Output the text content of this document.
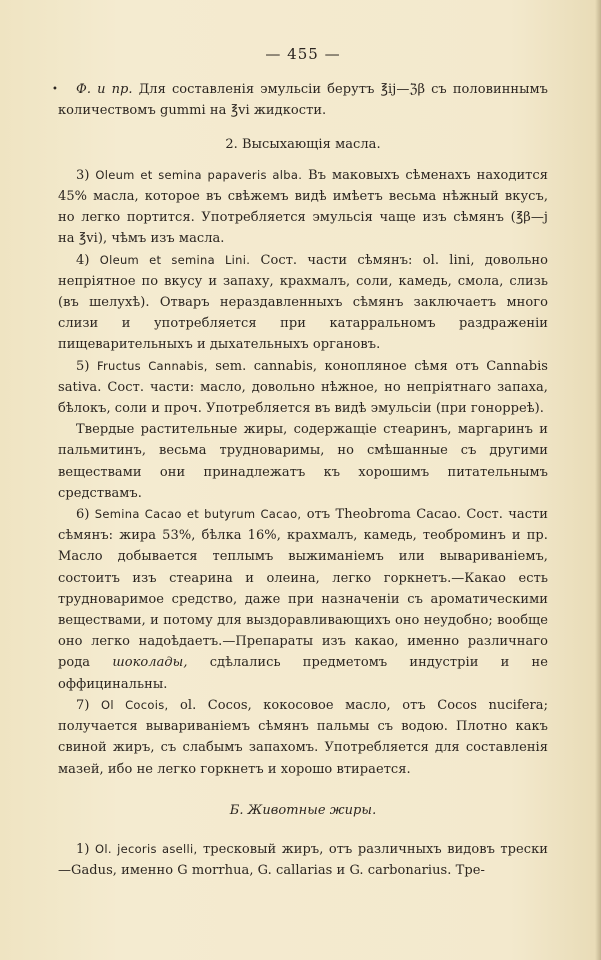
— 455 —

• Ф. и пр. Для составленія эмульсіи берутъ ℥ij—ℨβ съ половиннымъ количествомъ gummi на ℥vi жидкости.

2. Высыхающія масла.

3) Oleum et semina papaveris alba. Въ маковыхъ сѣменахъ находится 45% масла, которое въ свѣжемъ видѣ имѣетъ весьма нѣжный вкусъ, но легко портится. Употребляется эмульсія чаще изъ сѣмянъ (℥β—j на ℥vi), чѣмъ изъ масла.

4) Oleum et semina Lini. Сост. части сѣмянъ: ol. lini, довольно непріятное по вкусу и запаху, крахмалъ, соли, камедь, смола, слизь (въ шелухѣ). Отваръ нераздавленныхъ сѣмянъ заключаетъ много слизи и употребляется при катарральномъ раздраженіи пищеварительныхъ и дыхательныхъ органовъ.

5) Fructus Cannabis, sem. cannabis, конопляное сѣмя отъ Cannabis sativa. Сост. части: масло, довольно нѣжное, но непріятнаго запаха, бѣлокъ, соли и проч. Употребляется въ видѣ эмульсіи (при гонорреѣ).

Твердые растительные жиры, содержащіе стеаринъ, маргаринъ и пальмитинъ, весьма трудноваримы, но смѣшанные съ другими веществами они принадлежатъ къ хорошимъ питательнымъ средствамъ.

6) Semina Cacao et butyrum Cacao, отъ Theobroma Cacao. Сост. части сѣмянъ: жира 53%, бѣлка 16%, крахмалъ, камедь, теоброминъ и пр. Масло добывается теплымъ выжиманіемъ или вывариваніемъ, состоитъ изъ стеарина и олеина, легко горкнетъ.—Какао есть трудноваримое средство, даже при назначеніи съ ароматическими веществами, и потому для выздоравливающихъ оно неудобно; вообще оно легко надоѣдаетъ.—Препараты изъ какао, именно различнаго рода шоколады, сдѣлались предметомъ индустріи и не оффицинальны.

7) Ol Cocois, ol. Cocos, кокосовое масло, отъ Cocos nucifera; получается вывариваніемъ сѣмянъ пальмы съ водою. Плотно какъ свиной жиръ, съ слабымъ запахомъ. Употребляется для составленія мазей, ибо не легко горкнетъ и хорошо втирается.

Б. Животные жиры.

1) Ol. jecoris aselli, тресковый жиръ, отъ различныхъ видовъ трески—Gadus, именно G morrhua, G. callarias и G. carbonarius. Тре-
